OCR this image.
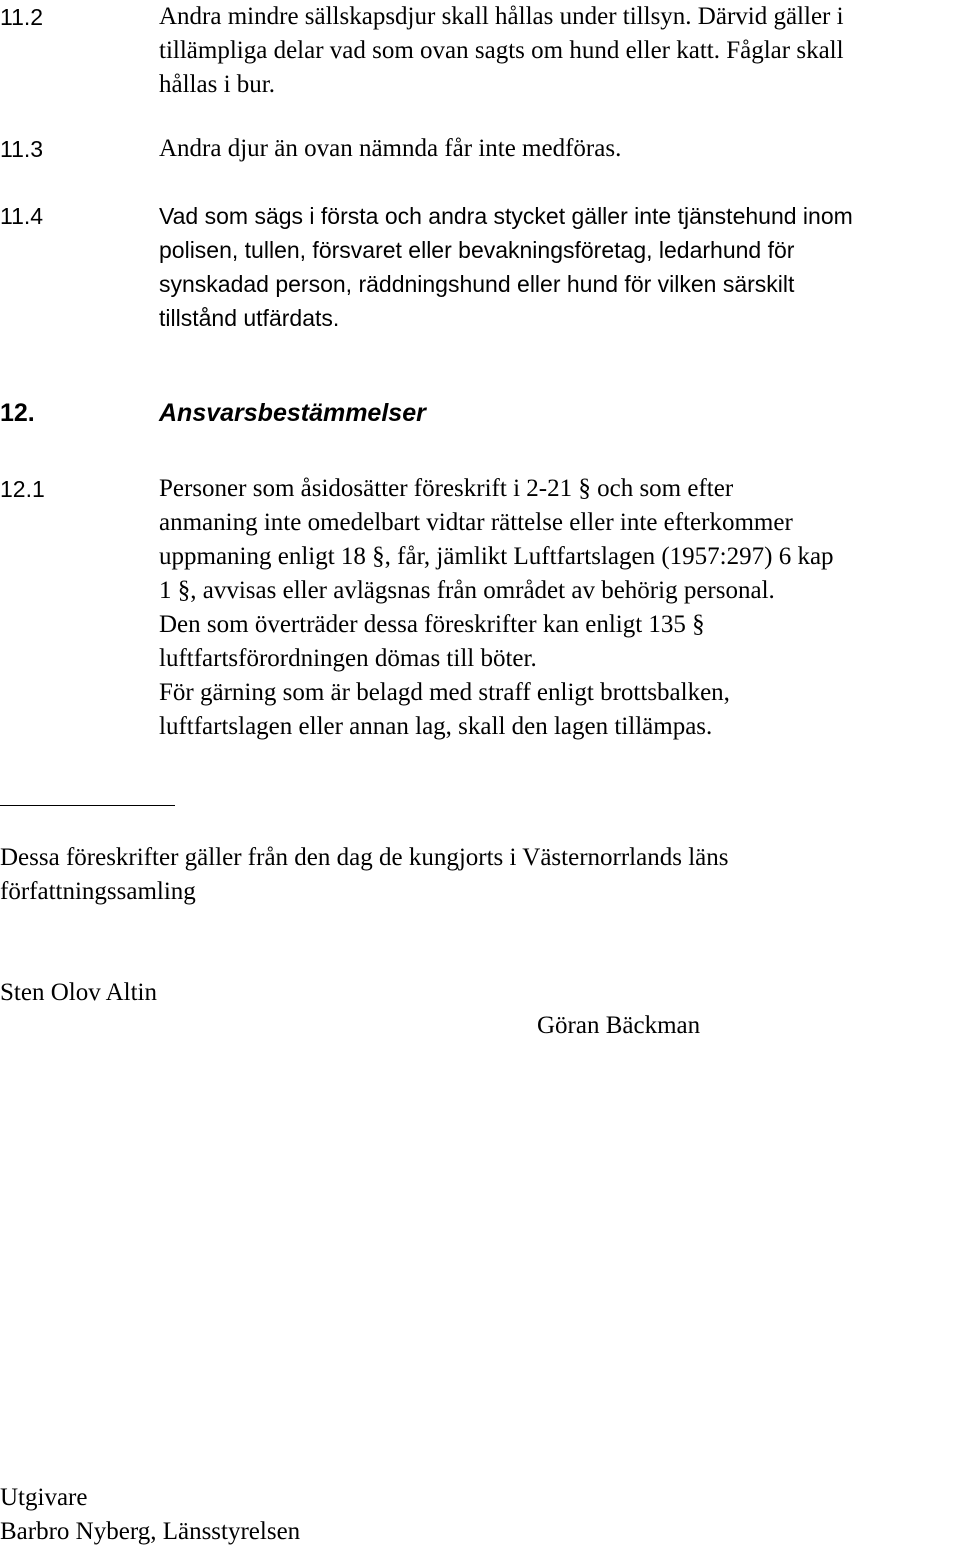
11.2	Andra mindre sällskapsdjur skall hållas under tillsyn. Därvid gäller i
tillämpliga delar vad som ovan sagts om hund eller katt. Fåglar skall
hållas i bur.
11.3	Andra djur än ovan nämnda får inte medföras.
11.4	Vad som sägs i första och andra stycket gäller inte tjänstehund inom
polisen, tullen, försvaret eller bevakningsföretag, ledarhund för
synskadad person, räddningshund eller hund för vilken särskilt
tillstånd utfärdats.
12.	Ansvarsbestämmelser
12.1	Personer som åsidosätter föreskrift i 2-21 § och som efter
anmaning inte omedelbart vidtar rättelse eller inte efterkommer
uppmaning enligt 18 §, får, jämlikt Luftfartslagen (1957:297) 6 kap
1 §, avvisas eller avlägsnas från området av behörig personal.
Den som överträder dessa föreskrifter kan enligt 135 §
luftfartsförordningen dömas till böter.
För gärning som är belagd med straff enligt brottsbalken,
luftfartslagen eller annan lag, skall den lagen tillämpas.
Dessa föreskrifter gäller från den dag de kungjorts i Västernorrlands läns
författningssamling
Sten Olov Altin
Göran Bäckman
Utgivare
Barbro Nyberg, Länsstyrelsen
